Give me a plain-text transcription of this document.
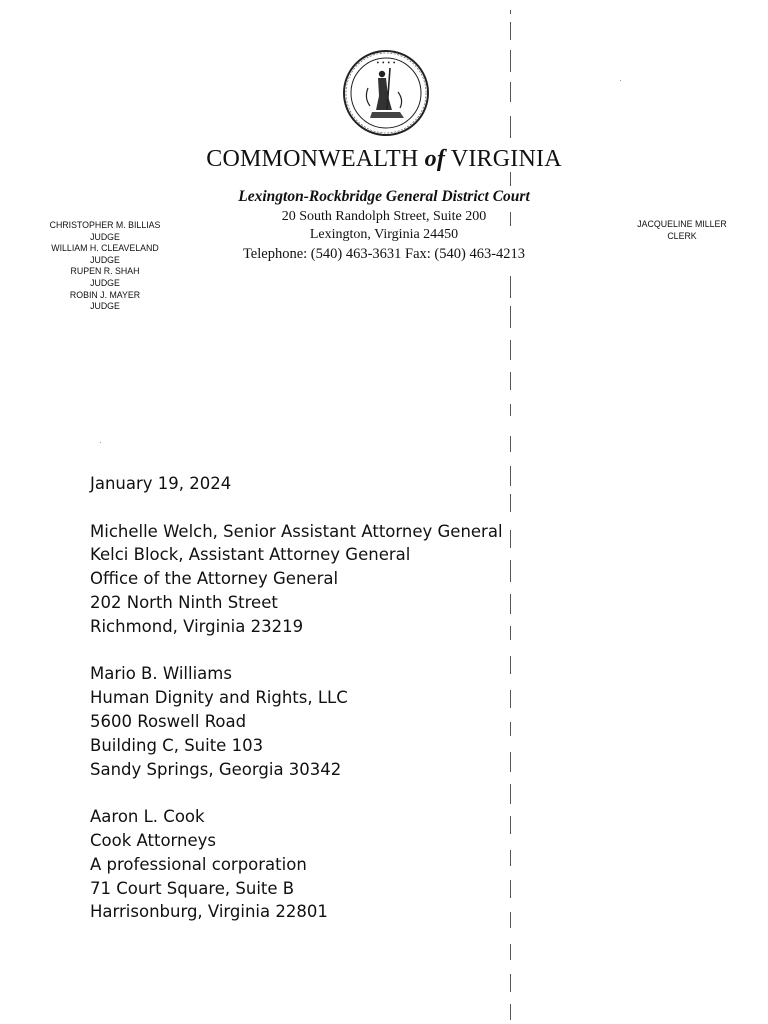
• • • •
COMMONWEALTH of VIRGINIA
Lexington-Rockbridge General District Court
20 South Randolph Street, Suite 200
Lexington, Virginia 24450
Telephone: (540) 463-3631 Fax: (540) 463-4213
CHRISTOPHER M. BILLIAS
JUDGE
WILLIAM H. CLEAVELAND
JUDGE
RUPEN R. SHAH
JUDGE
ROBIN J. MAYER
JUDGE
JACQUELINE MILLER
CLERK
January 19, 2024
Michelle Welch, Senior Assistant Attorney General
Kelci Block, Assistant Attorney General
Office of the Attorney General
202 North Ninth Street
Richmond, Virginia 23219
Mario B. Williams
Human Dignity and Rights, LLC
5600 Roswell Road
Building C, Suite 103
Sandy Springs, Georgia 30342
Aaron L. Cook
Cook Attorneys
A professional corporation
71 Court Square, Suite B
Harrisonburg, Virginia 22801
